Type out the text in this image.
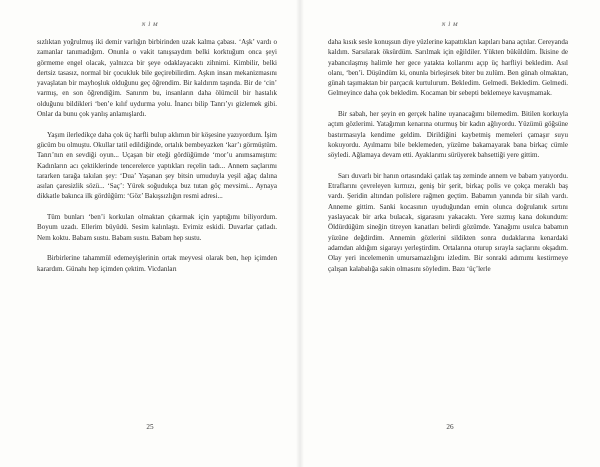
N İ M

sızlıktan yoğrulmuş iki demir varlığın birbirinden uzak kalma çabası. ‘Aşk’ vardı o zamanlar tanımadığım. Onunla o vakit tanışsaydım belki korktuğum onca şeyi görmeme engel olacak, yalnızca bir şeye odaklayacaktı zihnimi. Kimbilir, belki dertsiz tasasız, normal bir çocukluk bile geçirebilirdim. Aşkın insan mekanizmasını yavaşlatan bir mayhoşluk olduğunu geç öğrendim. Bir kaldırım taşında. Bir de ‘cin’ varmış, en son öğrendiğim. Sanırım bu, insanların daha ölümcül bir hastalık olduğunu bildikleri ‘ben’e kılıf uydurma yolu. İnancı bilip Tanrı’yı gizlemek gibi. Onlar da bunu çok yanlış anlamışlardı.

Yaşım ilerledikçe daha çok üç harfli bulup aklımın bir köşesine yazıyordum. İşim gücüm bu olmuştu. Okullar tatil edildiğinde, ortalık bembeyazken ‘kar’ı görmüştüm. Tanrı’nın en sevdiği oyun... Uçaşan bir eteği gördüğümde ‘mor’u anımsamıştım: Kadınların acı çektiklerinde tencerelerce yaptıkları reçelin tadı... Annem saçlarımı tararken tarağa takılan şey: ‘Dua’ Yaşanan şey bitsin umuduyla yeşil ağaç dalına asılan çaresizlik sözü... ‘Saç’: Yürek soğudukça buz tutan göç mevsimi... Aynaya dikkatle bakınca ilk gördüğüm: ‘Göz’ Bakışsızlığın resmi adresi...

Tüm bunları ‘ben’i korkulan olmaktan çıkarmak için yaptığımı biliyordum. Boyum uzadı. Ellerim büyüdü. Sesim kalınlaştı. Evimiz eskidi. Duvarlar çatladı. Nem koktu. Babam sustu. Babam sustu. Babam hep sustu.

Birbirlerine tahammül edemeyişlerinin ortak meyvesi olarak ben, hep içimden karardım. Günahı hep içimden çektim. Vicdanları

25
N İ M

daha kısık sesle konuşsun diye yüzlerine kapattıkları kapıları bana açtılar. Cereyanda kaldım. Sarsılarak öksürdüm. Sarılmak için eğildiler. Yükten büküldüm. İkisine de yabancılaşmış halimle her gece yatakta kollarımı açıp üç harfliyi bekledim. Asıl olanı, ‘ben’i. Düşündüm ki, onunla birleşirsek biter bu zulüm. Ben günah olmaktan, günah taşımaktan bir parçacık kurtulurum. Bekledim. Gelmedi. Bekledim. Gelmedi. Gelmeyince daha çok bekledim. Kocaman bir sebepti beklemeye kavuşmamak.

Bir sabah, her şeyin en gerçek haline uyanacağımı bilemedim. Bitilen korkuyla açtım gözlerimi. Yatağımın kenarına oturmuş bir kadın ağlıyordu. Yüzümü göğsüne bastırmasıyla kendime geldim. Dirildiğini kaybetmiş memeleri çamaşır suyu kokuyordu. Ayılmamı bile beklemeden, yüzüme bakamayarak bana birkaç cümle söyledi. Ağlamaya devam etti. Ayaklarımı sürüyerek bahsettiği yere gittim.

Sarı duvarlı bir hanın ortasındaki çatlak taş zeminde annem ve babam yatıyordu. Etraflarını çevreleyen kırmızı, geniş bir şerit, birkaç polis ve çokça meraklı baş vardı. Şeridin altından polislere rağmen geçtim. Babamın yanında bir silah vardı. Anneme gittim. Sanki kocasının uyuduğundan emin olunca doğrulanık sırtını yaslayacak bir arka bulacak, sigarasını yakacaktı. Yere sızmış kana dokundum: Öldürdüğüm sineğin titreyen kanatları belirdi gözümde. Yanağımı usulca babamın yüzüne değdirdim. Annemin gözlerini sildikten sonra dudaklarına kenardaki adamdan aldığım sigarayı yerleştirdim. Ortalarına oturup sırayla saçlarını okşadım. Olay yeri incelemenin umursamazlığını izledim. Bir sonraki adımımı kestirmeye çalışan kalabalığa sakin olmasını söyledim. Bazı ‘üç’lerle

26
